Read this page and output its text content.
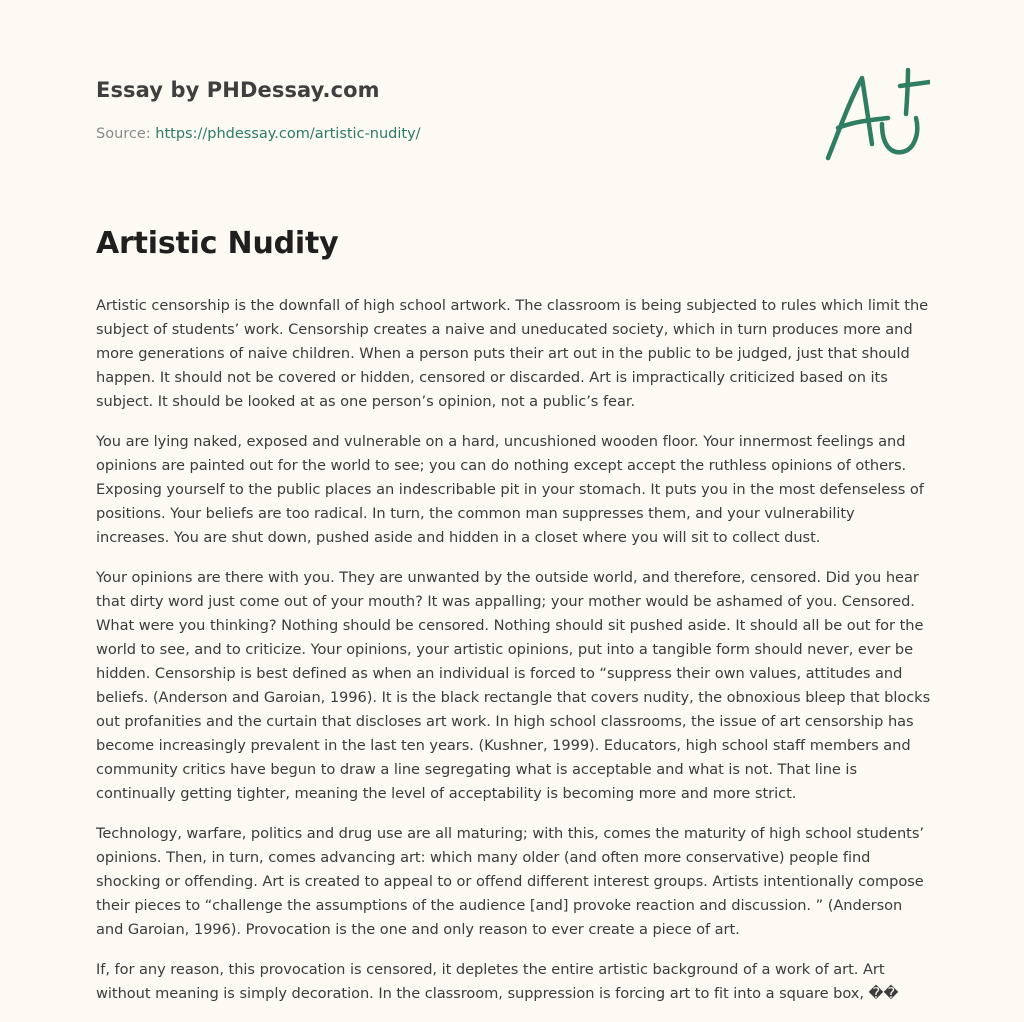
Essay by PHDessay.com
Source: https://phdessay.com/artistic-nudity/
Artistic Nudity

Artistic censorship is the downfall of high school artwork. The classroom is being subjected to rules which limit the subject of students’ work. Censorship creates a naive and uneducated society, which in turn produces more and more generations of naive children. When a person puts their art out in the public to be judged, just that should happen. It should not be covered or hidden, censored or discarded. Art is impractically criticized based on its subject. It should be looked at as one person’s opinion, not a public’s fear.

You are lying naked, exposed and vulnerable on a hard, uncushioned wooden floor. Your innermost feelings and opinions are painted out for the world to see; you can do nothing except accept the ruthless opinions of others. Exposing yourself to the public places an indescribable pit in your stomach. It puts you in the most defenseless of positions. Your beliefs are too radical. In turn, the common man suppresses them, and your vulnerability increases. You are shut down, pushed aside and hidden in a closet where you will sit to collect dust.

Your opinions are there with you. They are unwanted by the outside world, and therefore, censored. Did you hear that dirty word just come out of your mouth? It was appalling; your mother would be ashamed of you. Censored. What were you thinking? Nothing should be censored. Nothing should sit pushed aside. It should all be out for the world to see, and to criticize. Your opinions, your artistic opinions, put into a tangible form should never, ever be hidden. Censorship is best defined as when an individual is forced to “suppress their own values, attitudes and beliefs. (Anderson and Garoian, 1996). It is the black rectangle that covers nudity, the obnoxious bleep that blocks out profanities and the curtain that discloses art work. In high school classrooms, the issue of art censorship has become increasingly prevalent in the last ten years. (Kushner, 1999). Educators, high school staff members and community critics have begun to draw a line segregating what is acceptable and what is not. That line is continually getting tighter, meaning the level of acceptability is becoming more and more strict.

Technology, warfare, politics and drug use are all maturing; with this, comes the maturity of high school students’ opinions. Then, in turn, comes advancing art: which many older (and often more conservative) people find shocking or offending. Art is created to appeal to or offend different interest groups. Artists intentionally compose their pieces to “challenge the assumptions of the audience [and] provoke reaction and discussion. ” (Anderson and Garoian, 1996). Provocation is the one and only reason to ever create a piece of art.

If, for any reason, this provocation is censored, it depletes the entire artistic background of a work of art. Art without meaning is simply decoration. In the classroom, suppression is forcing art to fit into a square box, ��
